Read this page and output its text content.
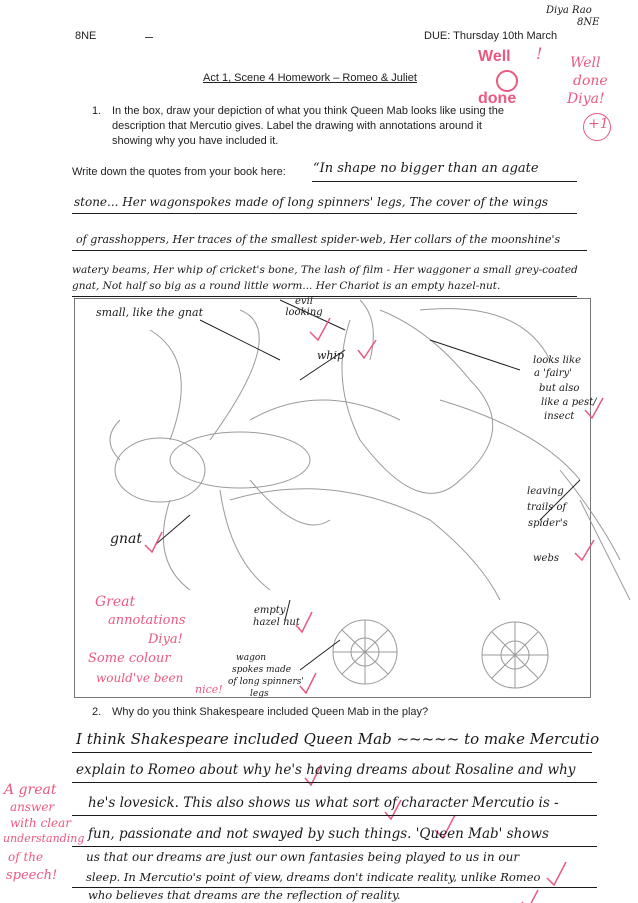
8NE	DUE: Thursday 10th March
Diya Rao
8NE
Act 1, Scene 4 Homework – Romeo & Juliet
Well
done
! Well
done
Diya!
+1
1. In the box, draw your depiction of what you think Queen Mab looks like using the
description that Mercutio gives. Label the drawing with annotations around it
showing why you have included it.
Write down the quotes from your book here: “In shape no bigger than an agate
stone... Her wagonspokes made of long spinners' legs, The cover of the wings
of grasshoppers, Her traces of the smallest spider-web, Her collars of the moonshine's
watery beams, Her whip of cricket's bone, The lash of film - Her waggoner a small grey-coated
gnat, Not half so big as a round little worm... Her Chariot is an empty hazel-nut.
small, like the gnat
evil looking
whip	looks like
a 'fairy'
but also
like a pest/
insect
gnat
leaving
trails of
spider's
webs
empty
hazel nut
wagon
spokes made
of long spinners'
legs
Great
annotations
Diya!
Some colour
would've been
nice!
2. Why do you think Shakespeare included Queen Mab in the play?
I think Shakespeare included Queen Mab ~~~~~ to make Mercutio
explain to Romeo about why he's having dreams about Rosaline and why
he's lovesick. This also shows us what sort of character Mercutio is -
fun, passionate and not swayed by such things. 'Queen Mab' shows
us that our dreams are just our own fantasies being played to us in our
sleep. In Mercutio's point of view, dreams don't indicate reality, unlike Romeo
who believes that dreams are the reflection of reality.
A great
answer
with clear
understanding
of the
speech!
